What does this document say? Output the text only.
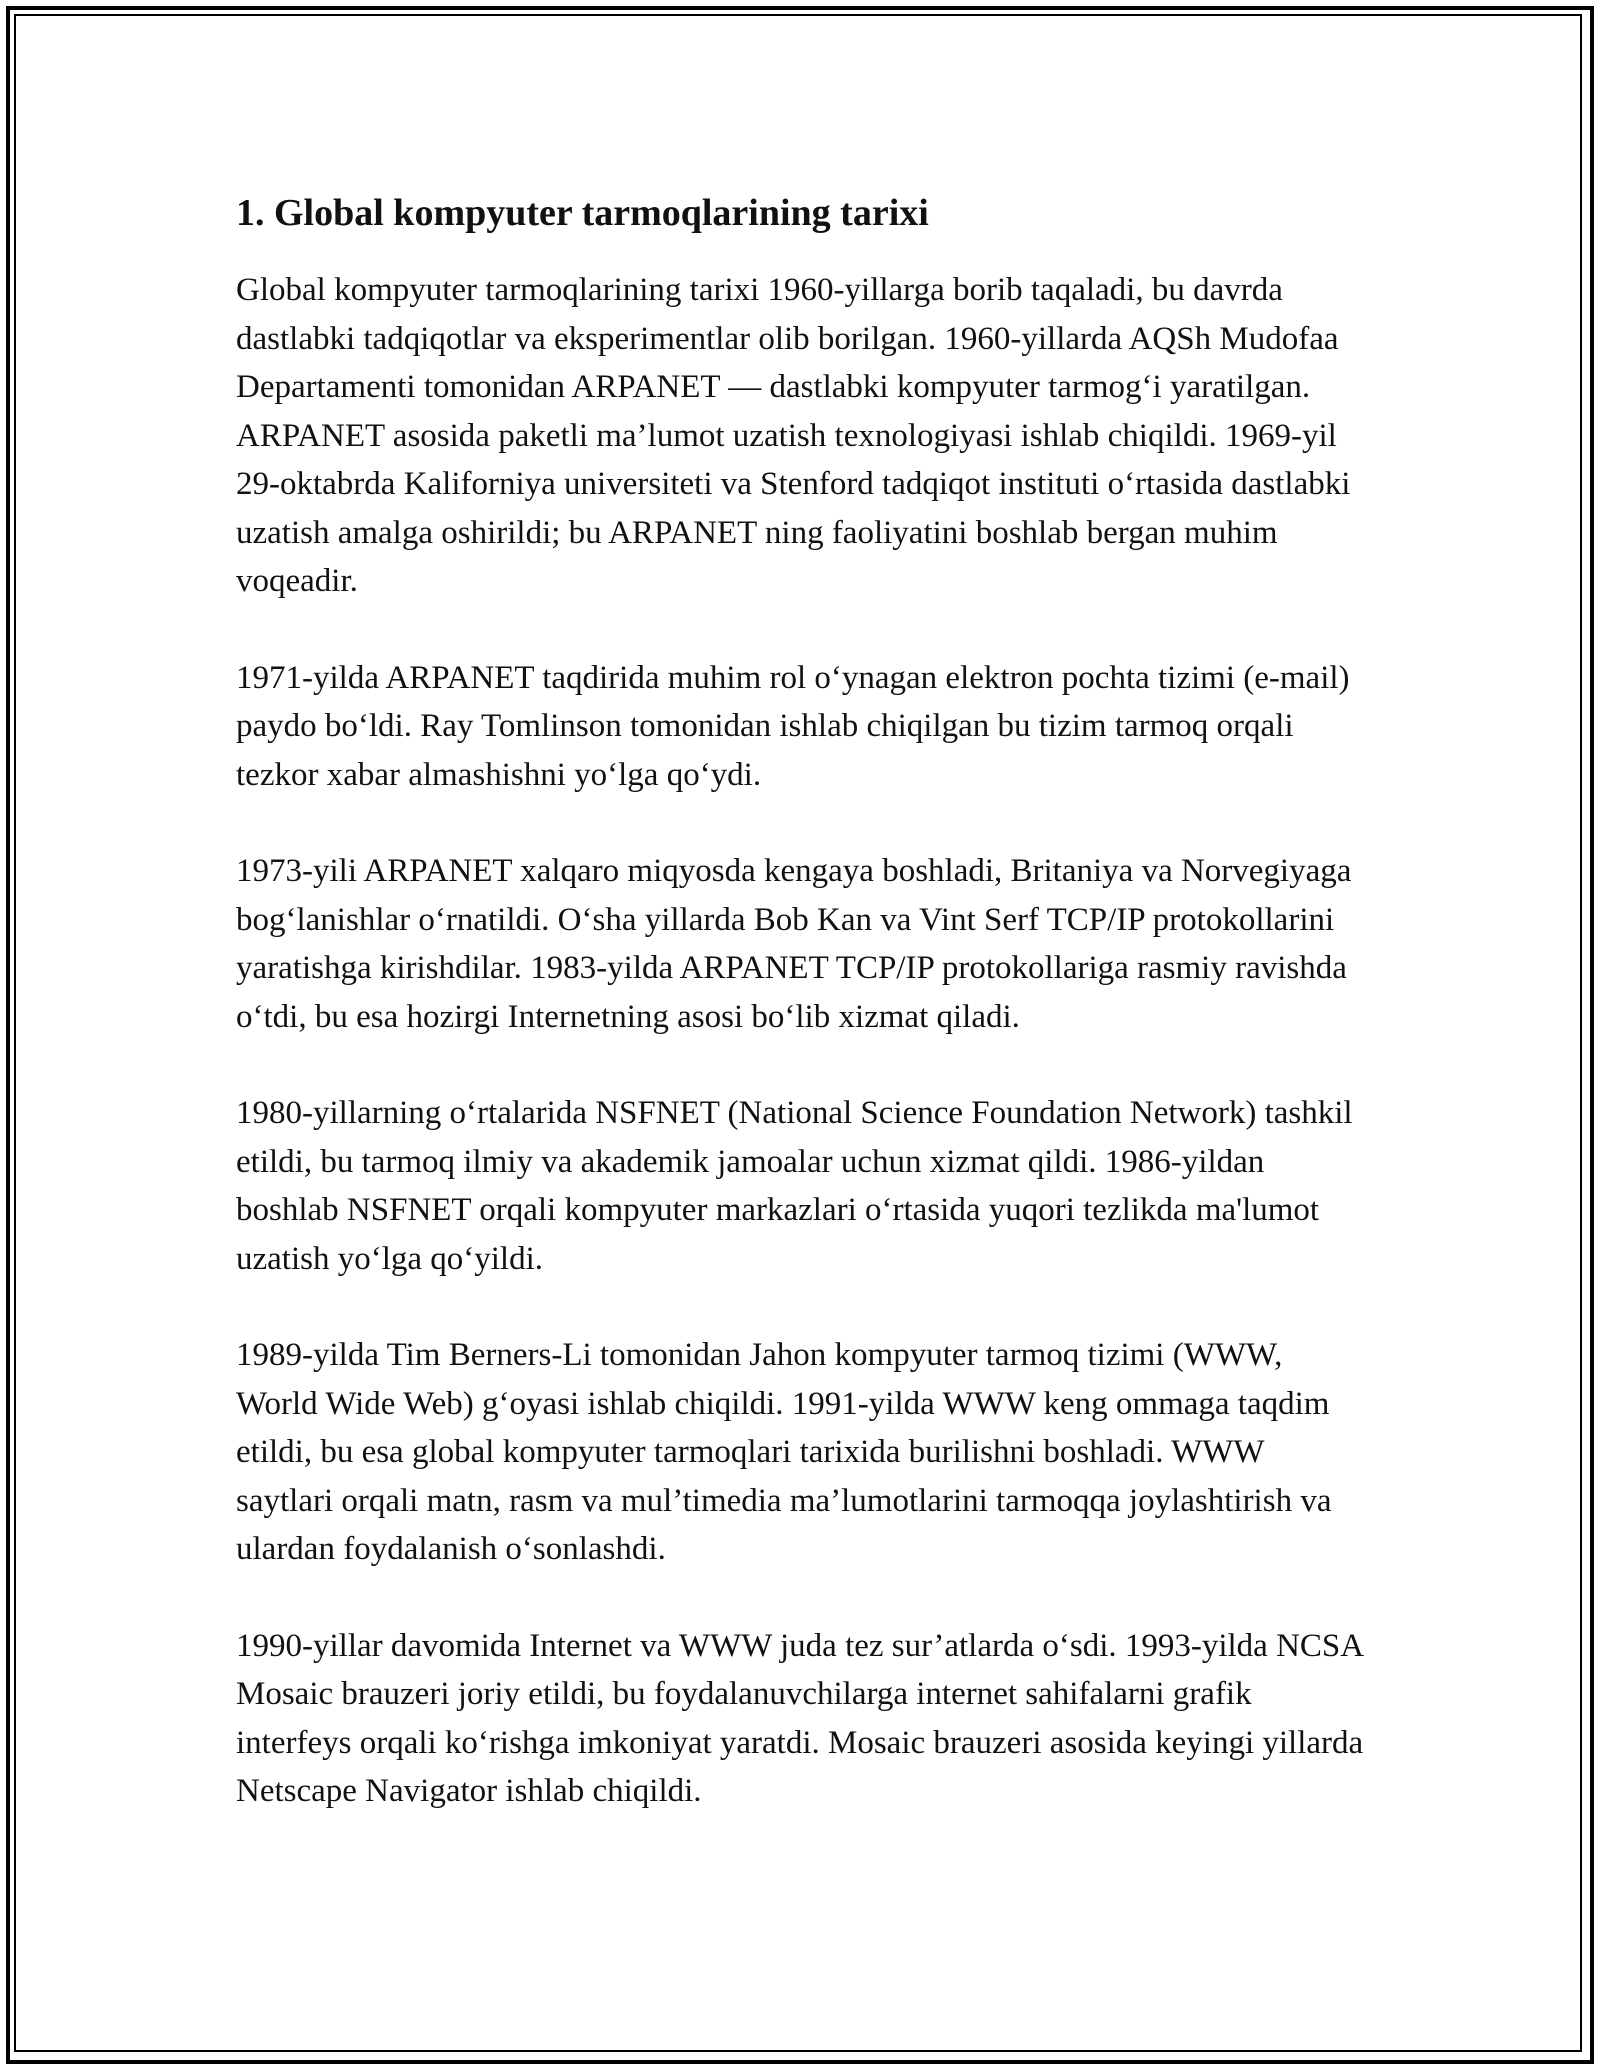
1. Global kompyuter tarmoqlarining tarixi

Global kompyuter tarmoqlarining tarixi 1960-yillarga borib taqaladi, bu davrda dastlabki tadqiqotlar va eksperimentlar olib borilgan. 1960-yillarda AQSh Mudofaa Departamenti tomonidan ARPANET — dastlabki kompyuter tarmog‘i yaratilgan. ARPANET asosida paketli ma’lumot uzatish texnologiyasi ishlab chiqildi. 1969-yil 29-oktabrda Kaliforniya universiteti va Stenford tadqiqot instituti o‘rtasida dastlabki uzatish amalga oshirildi; bu ARPANET ning faoliyatini boshlab bergan muhim voqeadir.

1971-yilda ARPANET taqdirida muhim rol o‘ynagan elektron pochta tizimi (e-mail) paydo bo‘ldi. Ray Tomlinson tomonidan ishlab chiqilgan bu tizim tarmoq orqali tezkor xabar almashishni yo‘lga qo‘ydi.

1973-yili ARPANET xalqaro miqyosda kengaya boshladi, Britaniya va Norvegiyaga bog‘lanishlar o‘rnatildi. O‘sha yillarda Bob Kan va Vint Serf TCP/IP protokollarini yaratishga kirishdilar. 1983-yilda ARPANET TCP/IP protokollariga rasmiy ravishda o‘tdi, bu esa hozirgi Internetning asosi bo‘lib xizmat qiladi.

1980-yillarning o‘rtalarida NSFNET (National Science Foundation Network) tashkil etildi, bu tarmoq ilmiy va akademik jamoalar uchun xizmat qildi. 1986-yildan boshlab NSFNET orqali kompyuter markazlari o‘rtasida yuqori tezlikda ma'lumot uzatish yo‘lga qo‘yildi.

1989-yilda Tim Berners-Li tomonidan Jahon kompyuter tarmoq tizimi (WWW, World Wide Web) g‘oyasi ishlab chiqildi. 1991-yilda WWW keng ommaga taqdim etildi, bu esa global kompyuter tarmoqlari tarixida burilishni boshladi. WWW saytlari orqali matn, rasm va mul’timedia ma’lumotlarini tarmoqqa joylashtirish va ulardan foydalanish o‘sonlashdi.

1990-yillar davomida Internet va WWW juda tez sur’atlarda o‘sdi. 1993-yilda NCSA Mosaic brauzeri joriy etildi, bu foydalanuvchilarga internet sahifalarni grafik interfeys orqali ko‘rishga imkoniyat yaratdi. Mosaic brauzeri asosida keyingi yillarda Netscape Navigator ishlab chiqildi.
